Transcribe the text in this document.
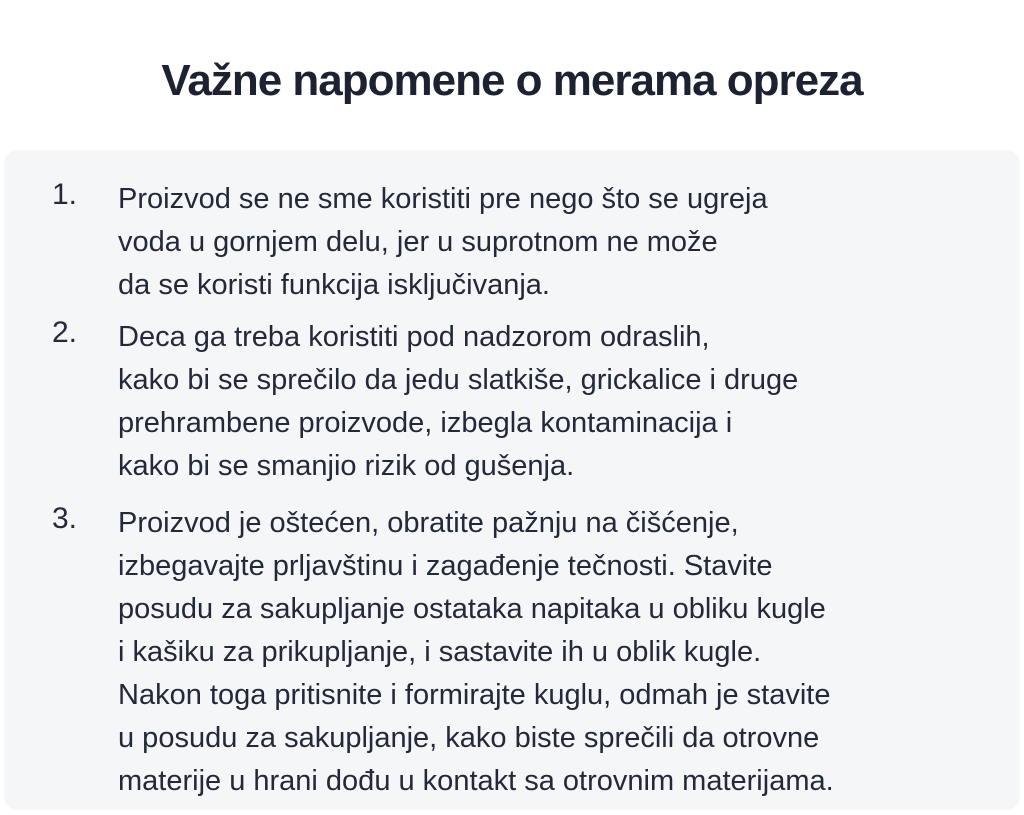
Važne napomene o merama opreza
1. Proizvod se ne sme koristiti pre nego što se ugreja
voda u gornjem delu, jer u suprotnom ne može
da se koristi funkcija isključivanja.
2. Deca ga treba koristiti pod nadzorom odraslih,
kako bi se sprečilo da jedu slatkiše, grickalice i druge
prehrambene proizvode, izbegla kontaminacija i
kako bi se smanjio rizik od gušenja.
3. Proizvod je oštećen, obratite pažnju na čišćenje,
izbegavajte prljavštinu i zagađenje tečnosti. Stavite
posudu za sakupljanje ostataka napitaka u obliku kugle
i kašiku za prikupljanje, i sastavite ih u oblik kugle.
Nakon toga pritisnite i formirajte kuglu, odmah je stavite
u posudu za sakupljanje, kako biste sprečili da otrovne
materije u hrani dođu u kontakt sa otrovnim materijama.
